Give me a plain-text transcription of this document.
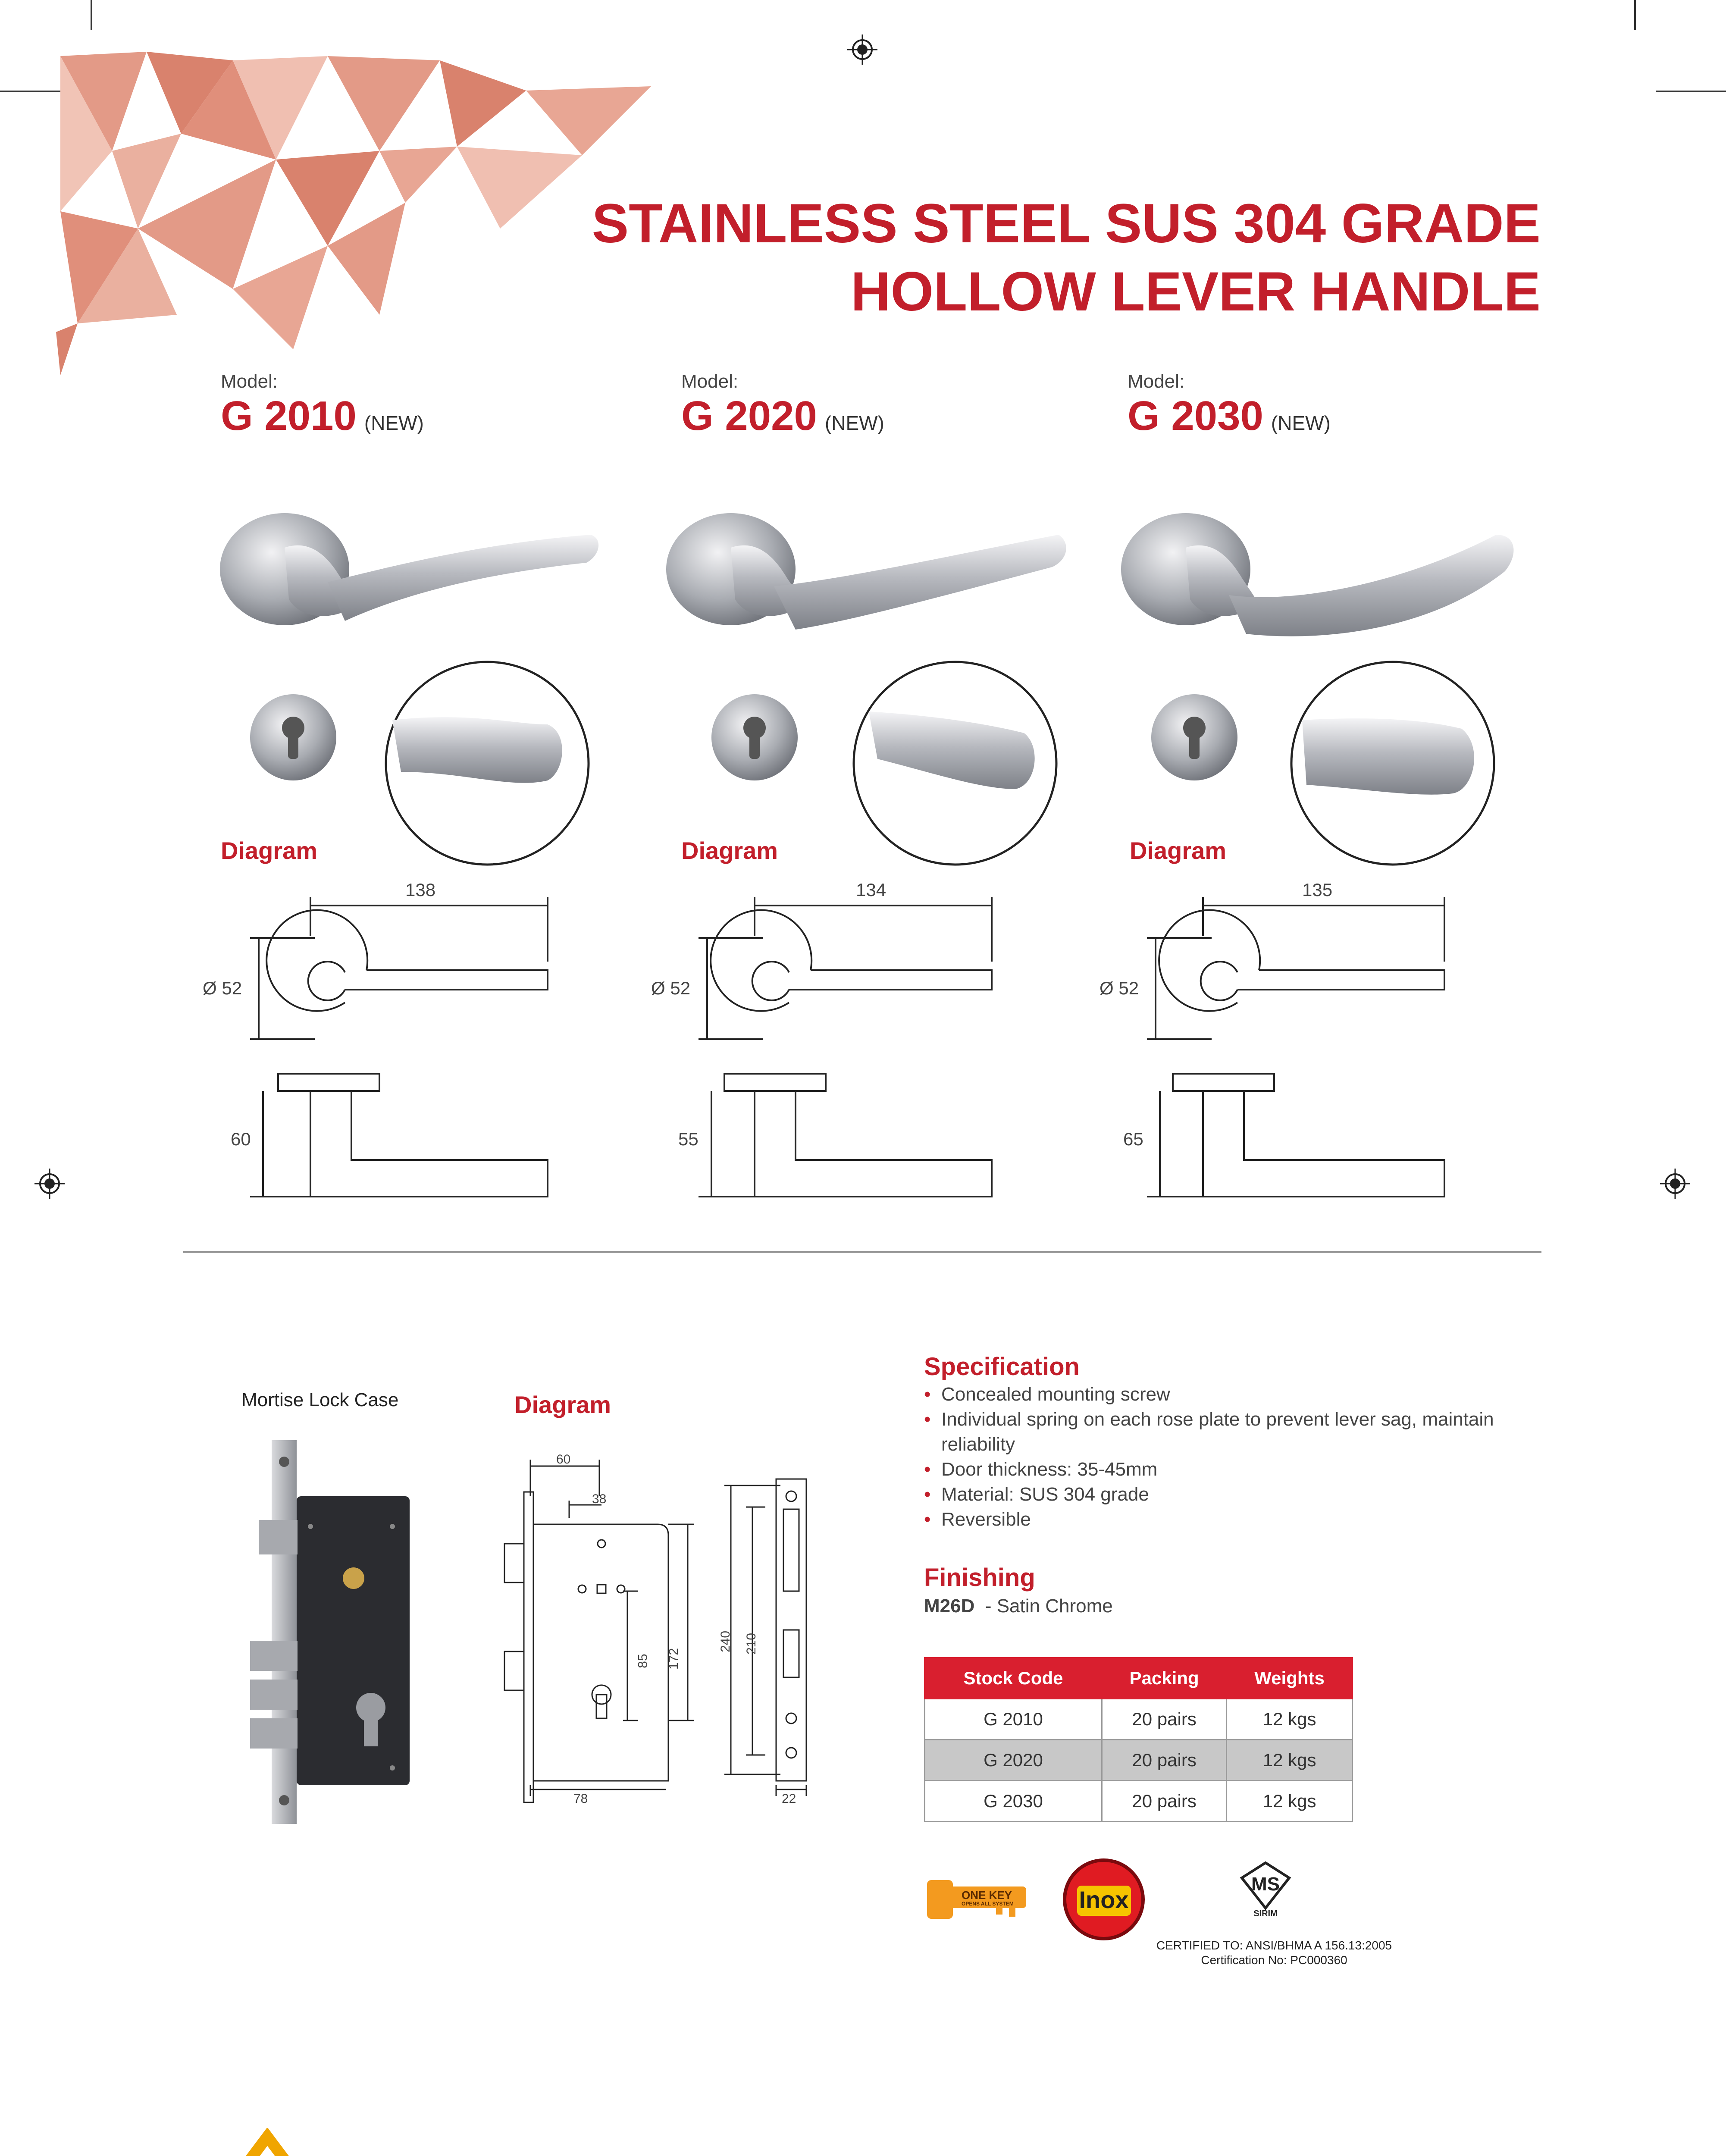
STAINLESS STEEL SUS 304 GRADE
HOLLOW LEVER HANDLE
Model:
G 2010 (NEW)
Model:
G 2020 (NEW)
Model:
G 2030 (NEW)
Diagram	Diagram	Diagram
138
Ø 52
60
134
Ø 52
55
135
Ø 52
65
Mortise Lock Case	Diagram
60
38
85 172
240 210
78	22
Specification
• Concealed mounting screw
• Individual spring on each rose plate to prevent lever sag, maintain reliability
• Door thickness: 35-45mm
• Material: SUS 304 grade
• Reversible
Finishing
M26D - Satin Chrome
Stock Code	Packing	Weights
G 2010	20 pairs	12 kgs
G 2020	20 pairs	12 kgs
G 2030	20 pairs	12 kgs
ONE KEY
OPENS ALL SYSTEM	Inox
MS
SIRIM
CERTIFIED TO: ANSI/BHMA A 156.13:2005
Certification No: PC000360
